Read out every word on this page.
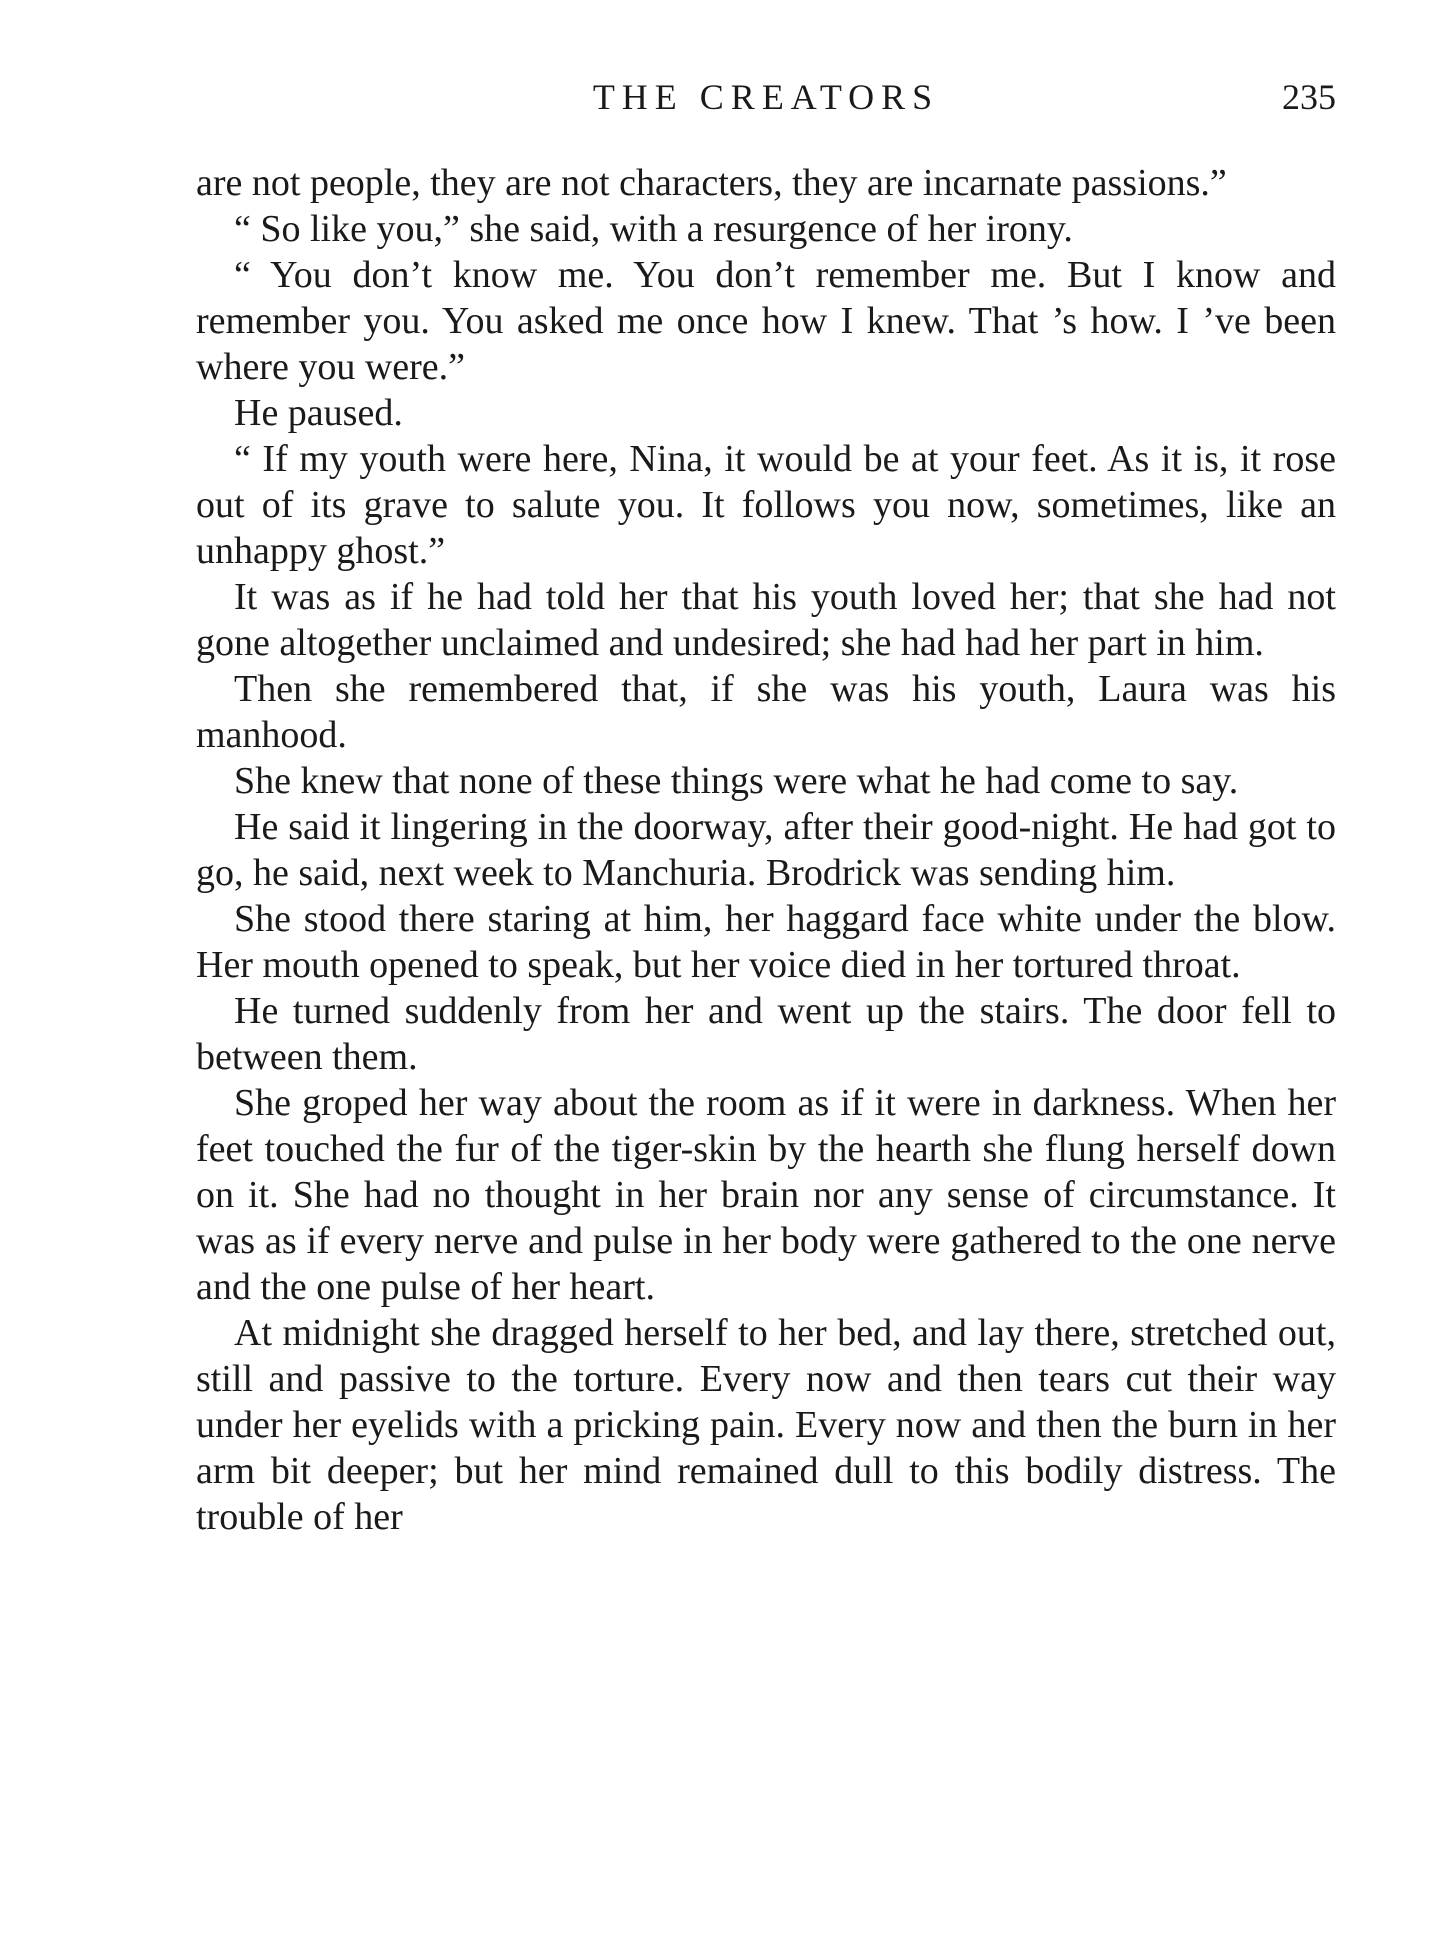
THE CREATORS	235

are not people, they are not characters, they are incarnate passions.”

“ So like you,” she said, with a resurgence of her irony.

“ You don’t know me. You don’t remember me. But I know and remember you. You asked me once how I knew. That ’s how. I ’ve been where you were.”

He paused.

“ If my youth were here, Nina, it would be at your feet. As it is, it rose out of its grave to salute you. It follows you now, sometimes, like an unhappy ghost.”

It was as if he had told her that his youth loved her; that she had not gone altogether unclaimed and undesired; she had had her part in him.

Then she remembered that, if she was his youth, Laura was his manhood.

She knew that none of these things were what he had come to say.

He said it lingering in the doorway, after their good-night. He had got to go, he said, next week to Manchuria. Brodrick was sending him.

She stood there staring at him, her haggard face white under the blow. Her mouth opened to speak, but her voice died in her tortured throat.

He turned suddenly from her and went up the stairs. The door fell to between them.

She groped her way about the room as if it were in darkness. When her feet touched the fur of the tiger-skin by the hearth she flung herself down on it. She had no thought in her brain nor any sense of circumstance. It was as if every nerve and pulse in her body were gathered to the one nerve and the one pulse of her heart.

At midnight she dragged herself to her bed, and lay there, stretched out, still and passive to the torture. Every now and then tears cut their way under her eyelids with a pricking pain. Every now and then the burn in her arm bit deeper; but her mind remained dull to this bodily distress. The trouble of her
